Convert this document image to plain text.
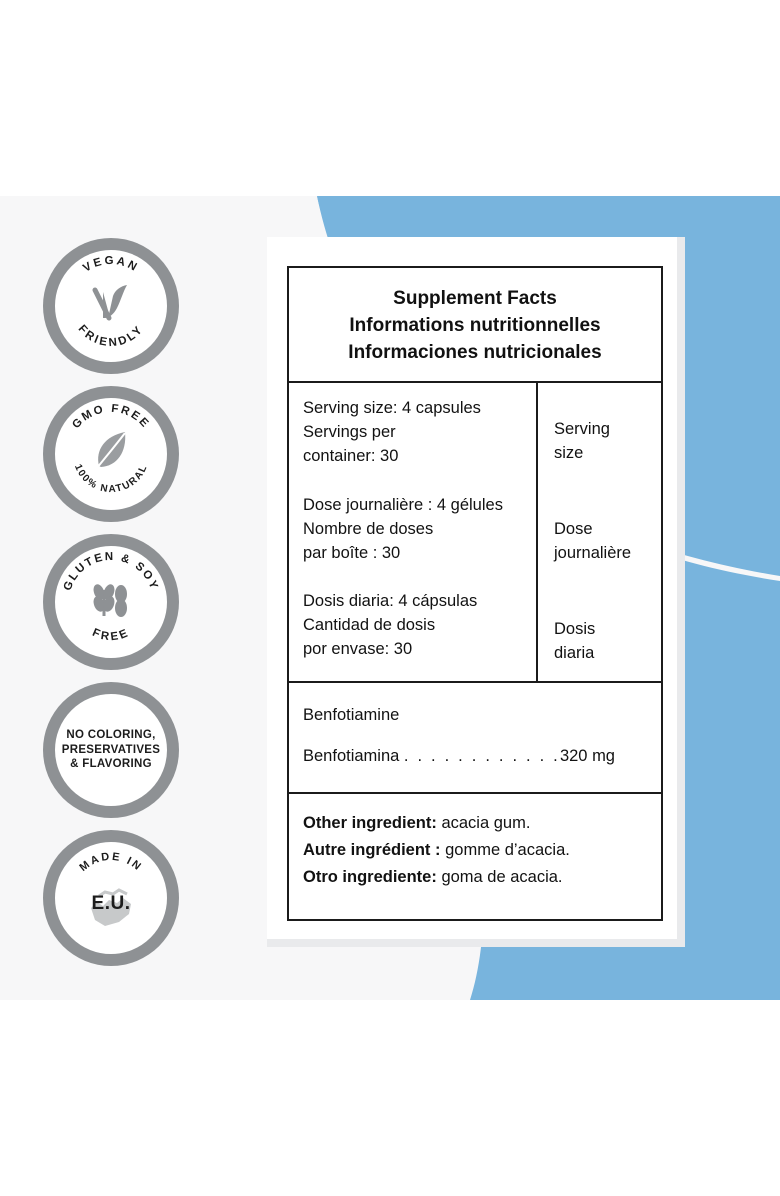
VEGAN
FRIENDLY
GMO FREE
100% NATURAL
GLUTEN & SOY
FREE
NO COLORING,
PRESERVATIVES
& FLAVORING
MADE IN
E.U.
Supplement Facts
Informations nutritionnelles
Informaciones nutricionales
Serving size: 4 capsules
Servings per
container: 30
Dose journalière : 4 gélules
Nombre de doses
par boîte : 30
Dosis diaria: 4 cápsulas
Cantidad de dosis
por envase: 30
Serving
size
Dose
journalière
Dosis
diaria
Benfotiamine
Benfotiamina . . . . . . . . . . . .320 mg
Other ingredient: acacia gum.
Autre ingrédient : gomme d’acacia.
Otro ingrediente: goma de acacia.
